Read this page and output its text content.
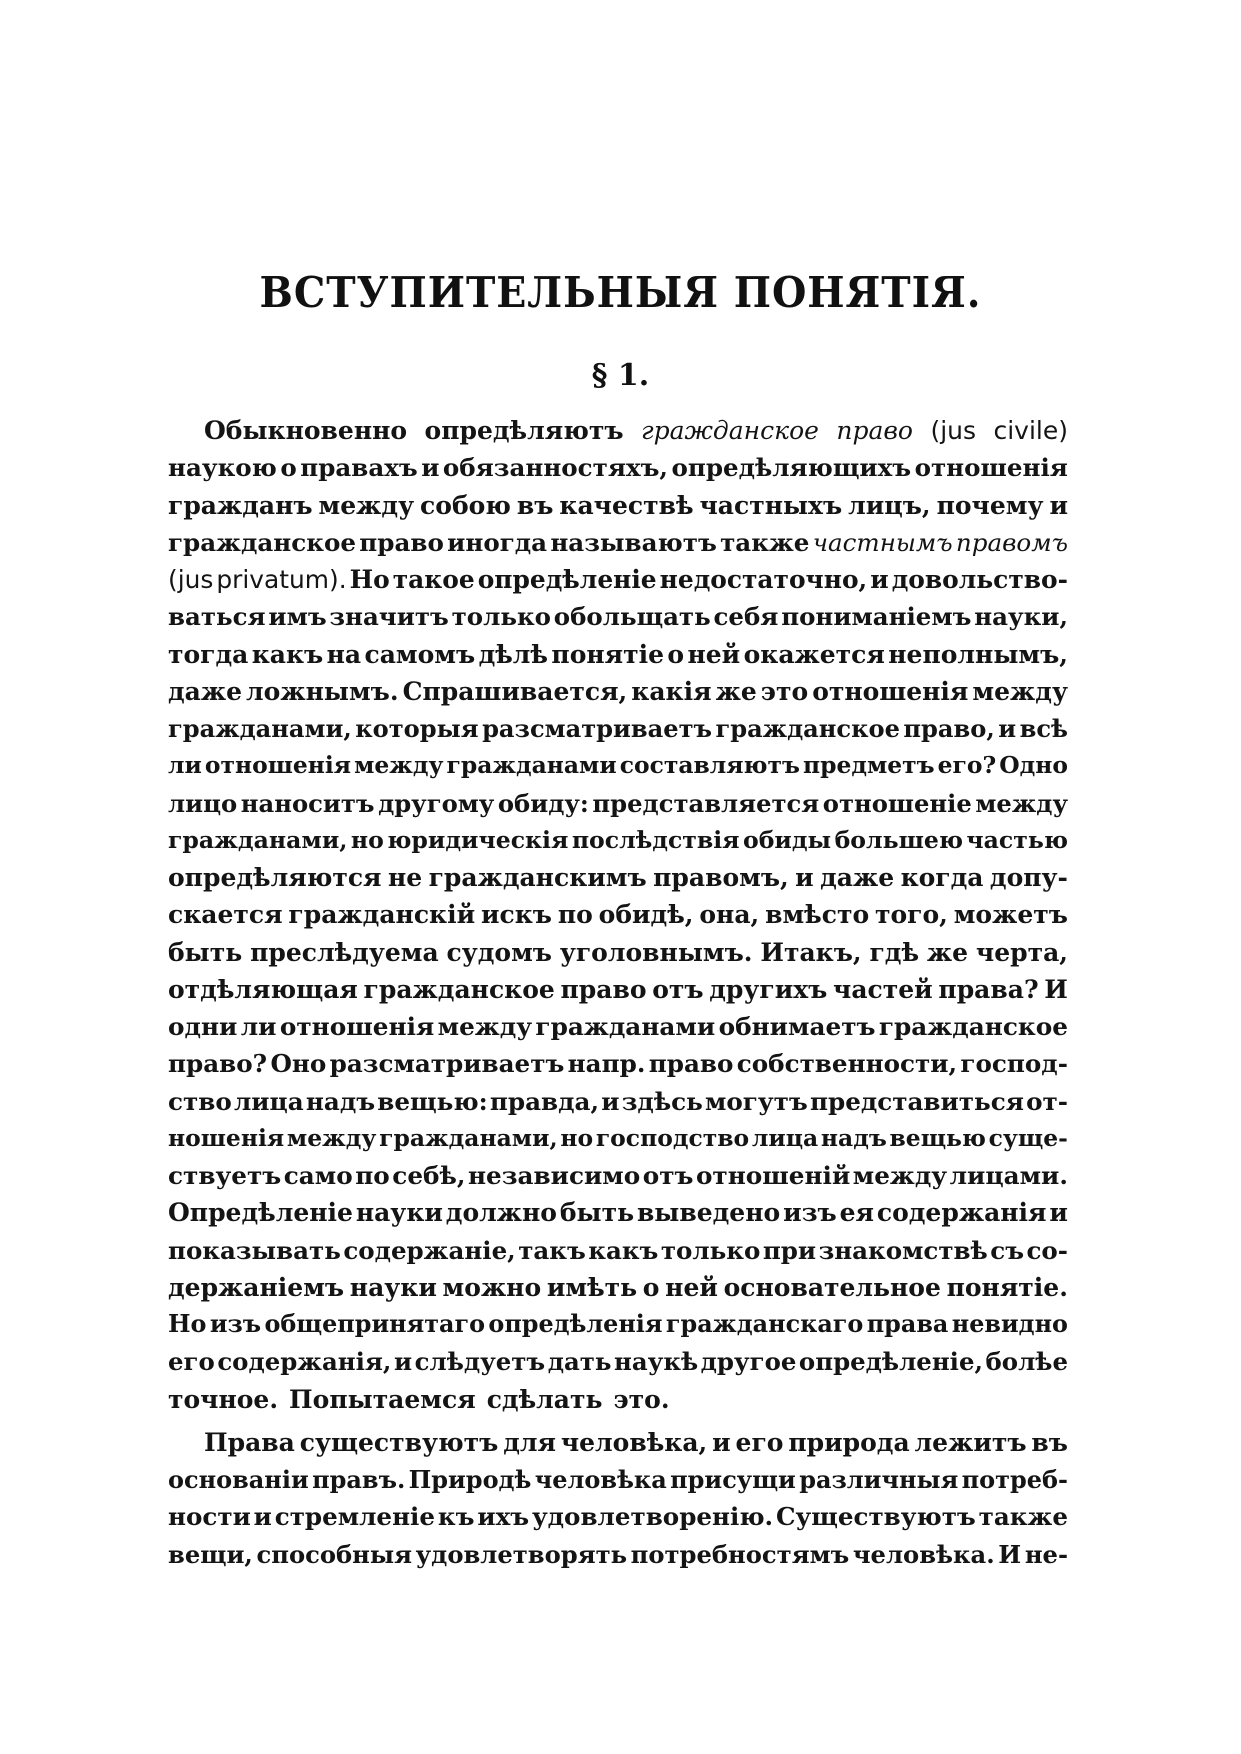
ВСТУПИТЕЛЬНЫЯ ПОНЯТІЯ.
§ 1.
Обыкновенно опредѣляютъ гражданское право (jus civile)
наукою о правахъ и обязанностяхъ, опредѣляющихъ отношенія
гражданъ между собою въ качествѣ частныхъ лицъ, почему и
гражданское право иногда называютъ также частнымъ правомъ
(jus privatum). Но такое опредѣленіе недостаточно, и довольство-
ваться имъ значитъ только обольщать себя пониманіемъ науки,
тогда какъ на самомъ дѣлѣ понятіе о ней окажется неполнымъ,
даже ложнымъ. Спрашивается, какія же это отношенія между
гражданами, которыя разсматриваетъ гражданское право, и всѣ
ли отношенія между гражданами составляютъ предметъ его? Одно
лицо наноситъ другому обиду: представляется отношеніе между
гражданами, но юридическія послѣдствія обиды большею частью
опредѣляются не гражданскимъ правомъ, и даже когда допу-
скается гражданскій искъ по обидѣ, она, вмѣсто того, можетъ
быть преслѣдуема судомъ уголовнымъ. Итакъ, гдѣ же черта,
отдѣляющая гражданское право отъ другихъ частей права? И
одни ли отношенія между гражданами обнимаетъ гражданское
право? Оно разсматриваетъ напр. право собственности, господ-
ство лица надъ вещью: правда, и здѣсь могутъ представиться от-
ношенія между гражданами, но господство лица надъ вещью суще-
ствуетъ само по себѣ, независимо отъ отношеній между лицами.
Опредѣленіе науки должно быть выведено изъ ея содержанія и
показывать содержаніе, такъ какъ только при знакомствѣ съ со-
держаніемъ науки можно имѣть о ней основательное понятіе.
Но изъ общепринятаго опредѣленія гражданскаго права невидно
его содержанія, и слѣдуетъ дать наукѣ другое опредѣленіе, болѣе
точное. Попытаемся сдѣлать это.
Права существуютъ для человѣка, и его природа лежитъ въ
основаніи правъ. Природѣ человѣка присущи различныя потреб-
ности и стремленіе къ ихъ удовлетворенію. Существуютъ также
вещи, способныя удовлетворять потребностямъ человѣка. И не-
